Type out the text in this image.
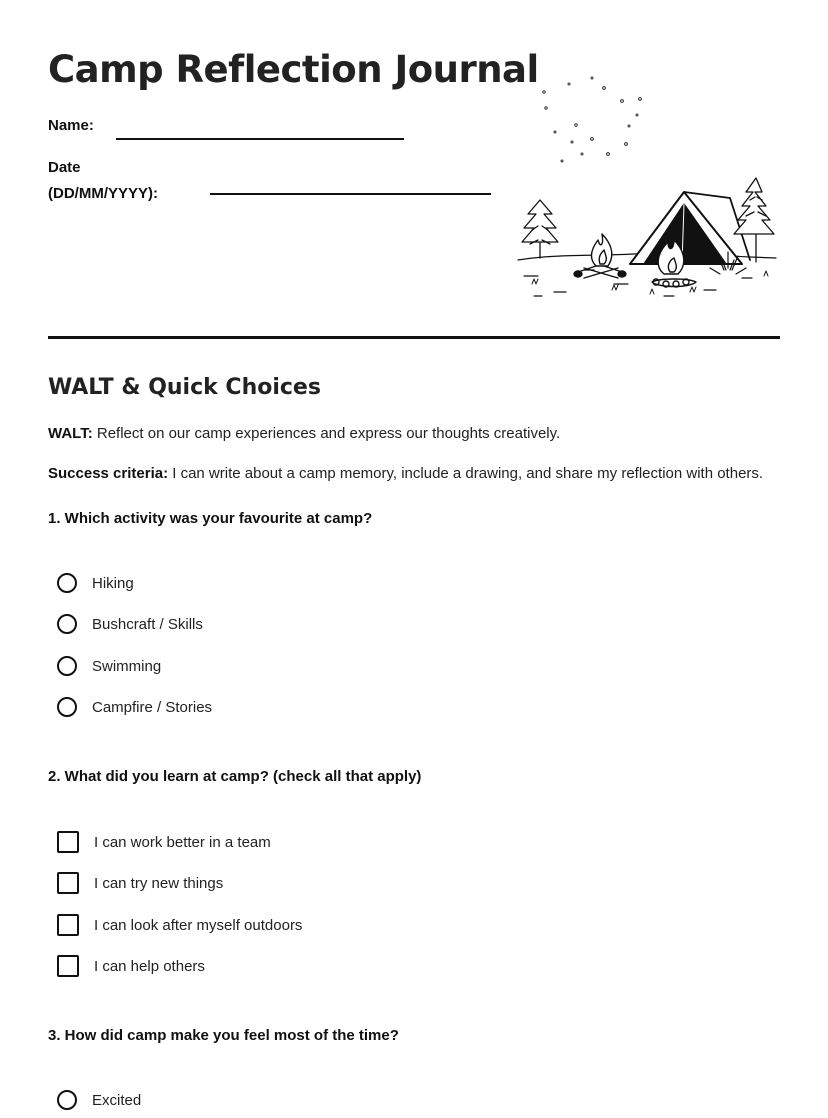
Camp Reflection Journal
Name:
Date
(DD/MM/YYYY):
WALT & Quick Choices
WALT: Reflect on our camp experiences and express our thoughts creatively.
Success criteria: I can write about a camp memory, include a drawing, and share my reflection with others.
1. Which activity was your favourite at camp?
Hiking
Bushcraft / Skills
Swimming
Campfire / Stories
2. What did you learn at camp? (check all that apply)
I can work better in a team
I can try new things
I can look after myself outdoors
I can help others
3. How did camp make you feel most of the time?
Excited
